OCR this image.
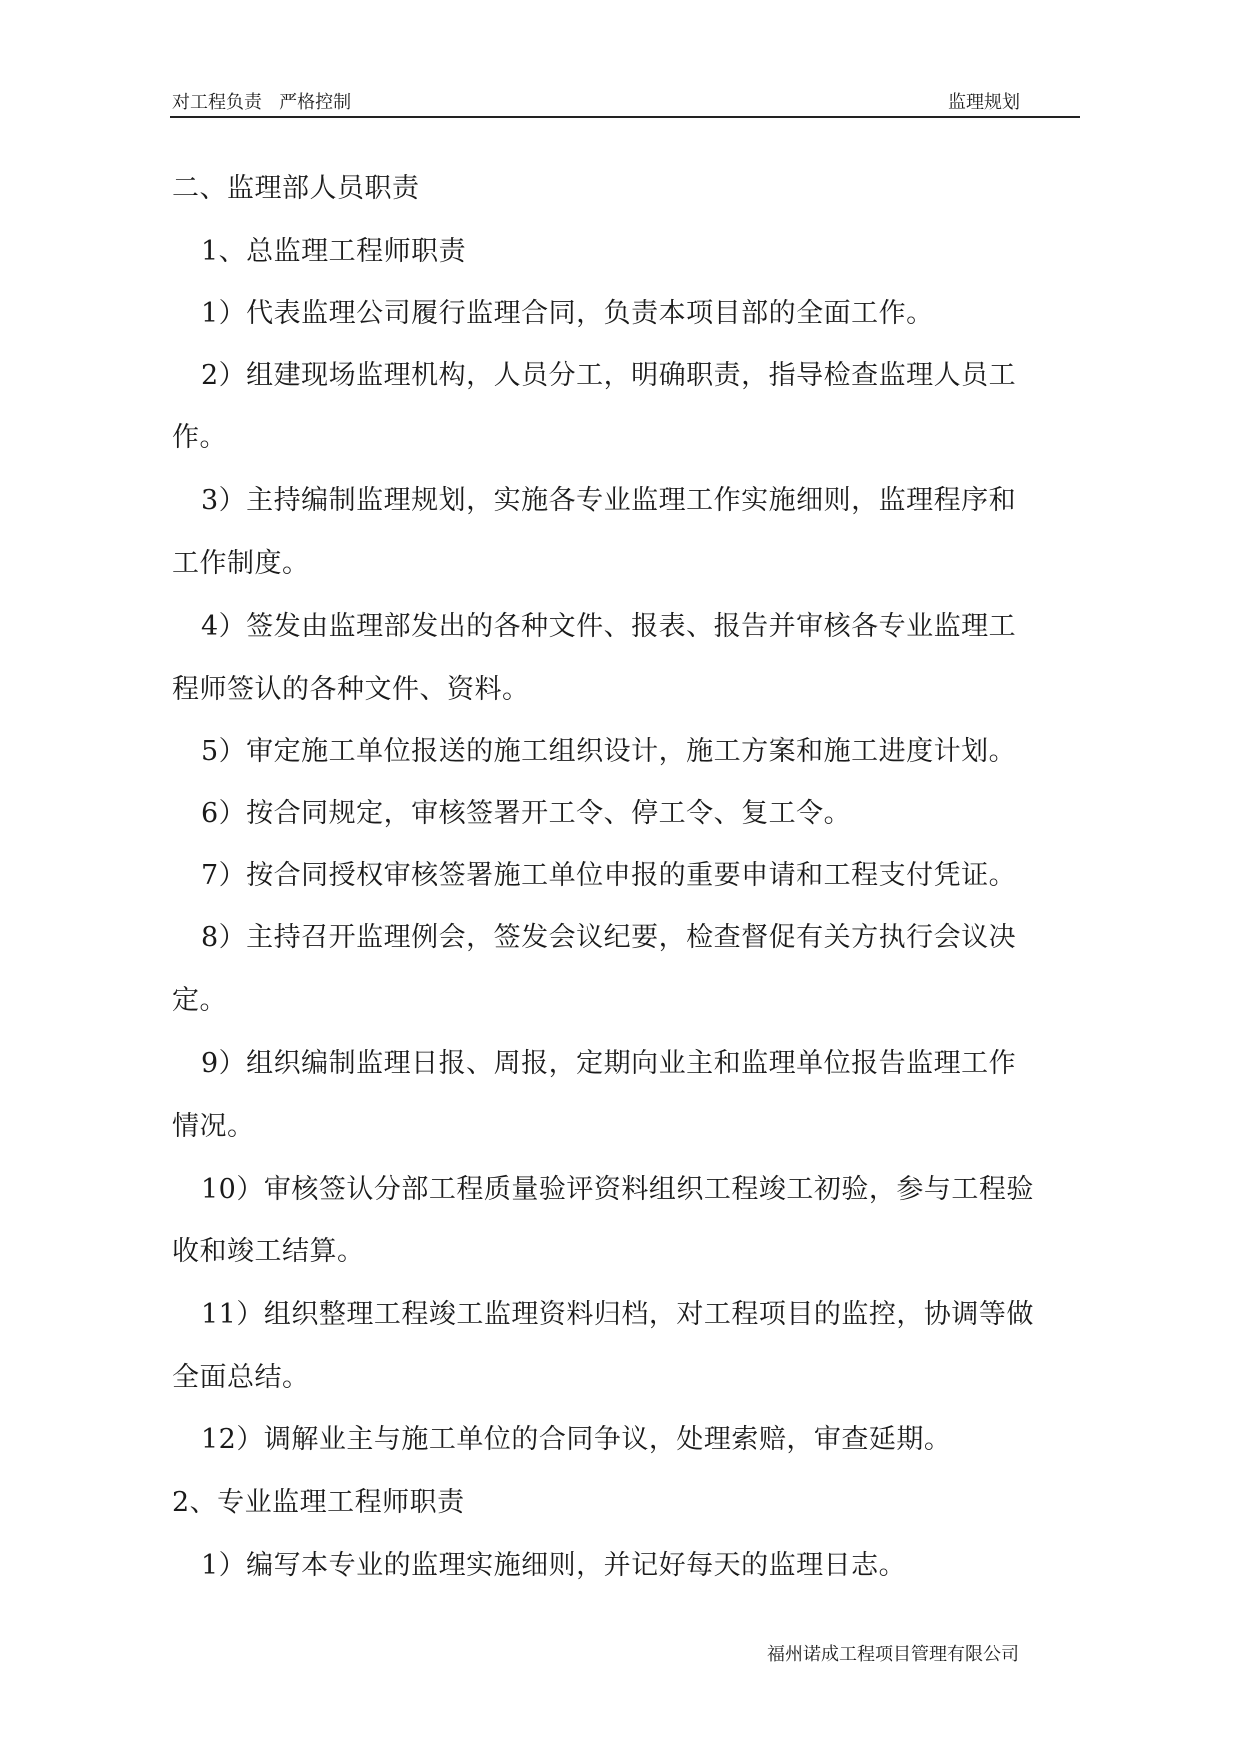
对工程负责   严格控制	监理规划
二、监理部人员职责
1、总监理工程师职责
1）代表监理公司履行监理合同，负责本项目部的全面工作。
2）组建现场监理机构，人员分工，明确职责，指导检查监理人员工
作。
3）主持编制监理规划，实施各专业监理工作实施细则，监理程序和
工作制度。
4）签发由监理部发出的各种文件、报表、报告并审核各专业监理工
程师签认的各种文件、资料。
5）审定施工单位报送的施工组织设计，施工方案和施工进度计划。
6）按合同规定，审核签署开工令、停工令、复工令。
7）按合同授权审核签署施工单位申报的重要申请和工程支付凭证。
8）主持召开监理例会，签发会议纪要，检查督促有关方执行会议决
定。
9）组织编制监理日报、周报，定期向业主和监理单位报告监理工作
情况。
10）审核签认分部工程质量验评资料组织工程竣工初验，参与工程验
收和竣工结算。
11）组织整理工程竣工监理资料归档，对工程项目的监控，协调等做
全面总结。
12）调解业主与施工单位的合同争议，处理索赔，审查延期。
2、专业监理工程师职责
1）编写本专业的监理实施细则，并记好每天的监理日志。
福州诺成工程项目管理有限公司
